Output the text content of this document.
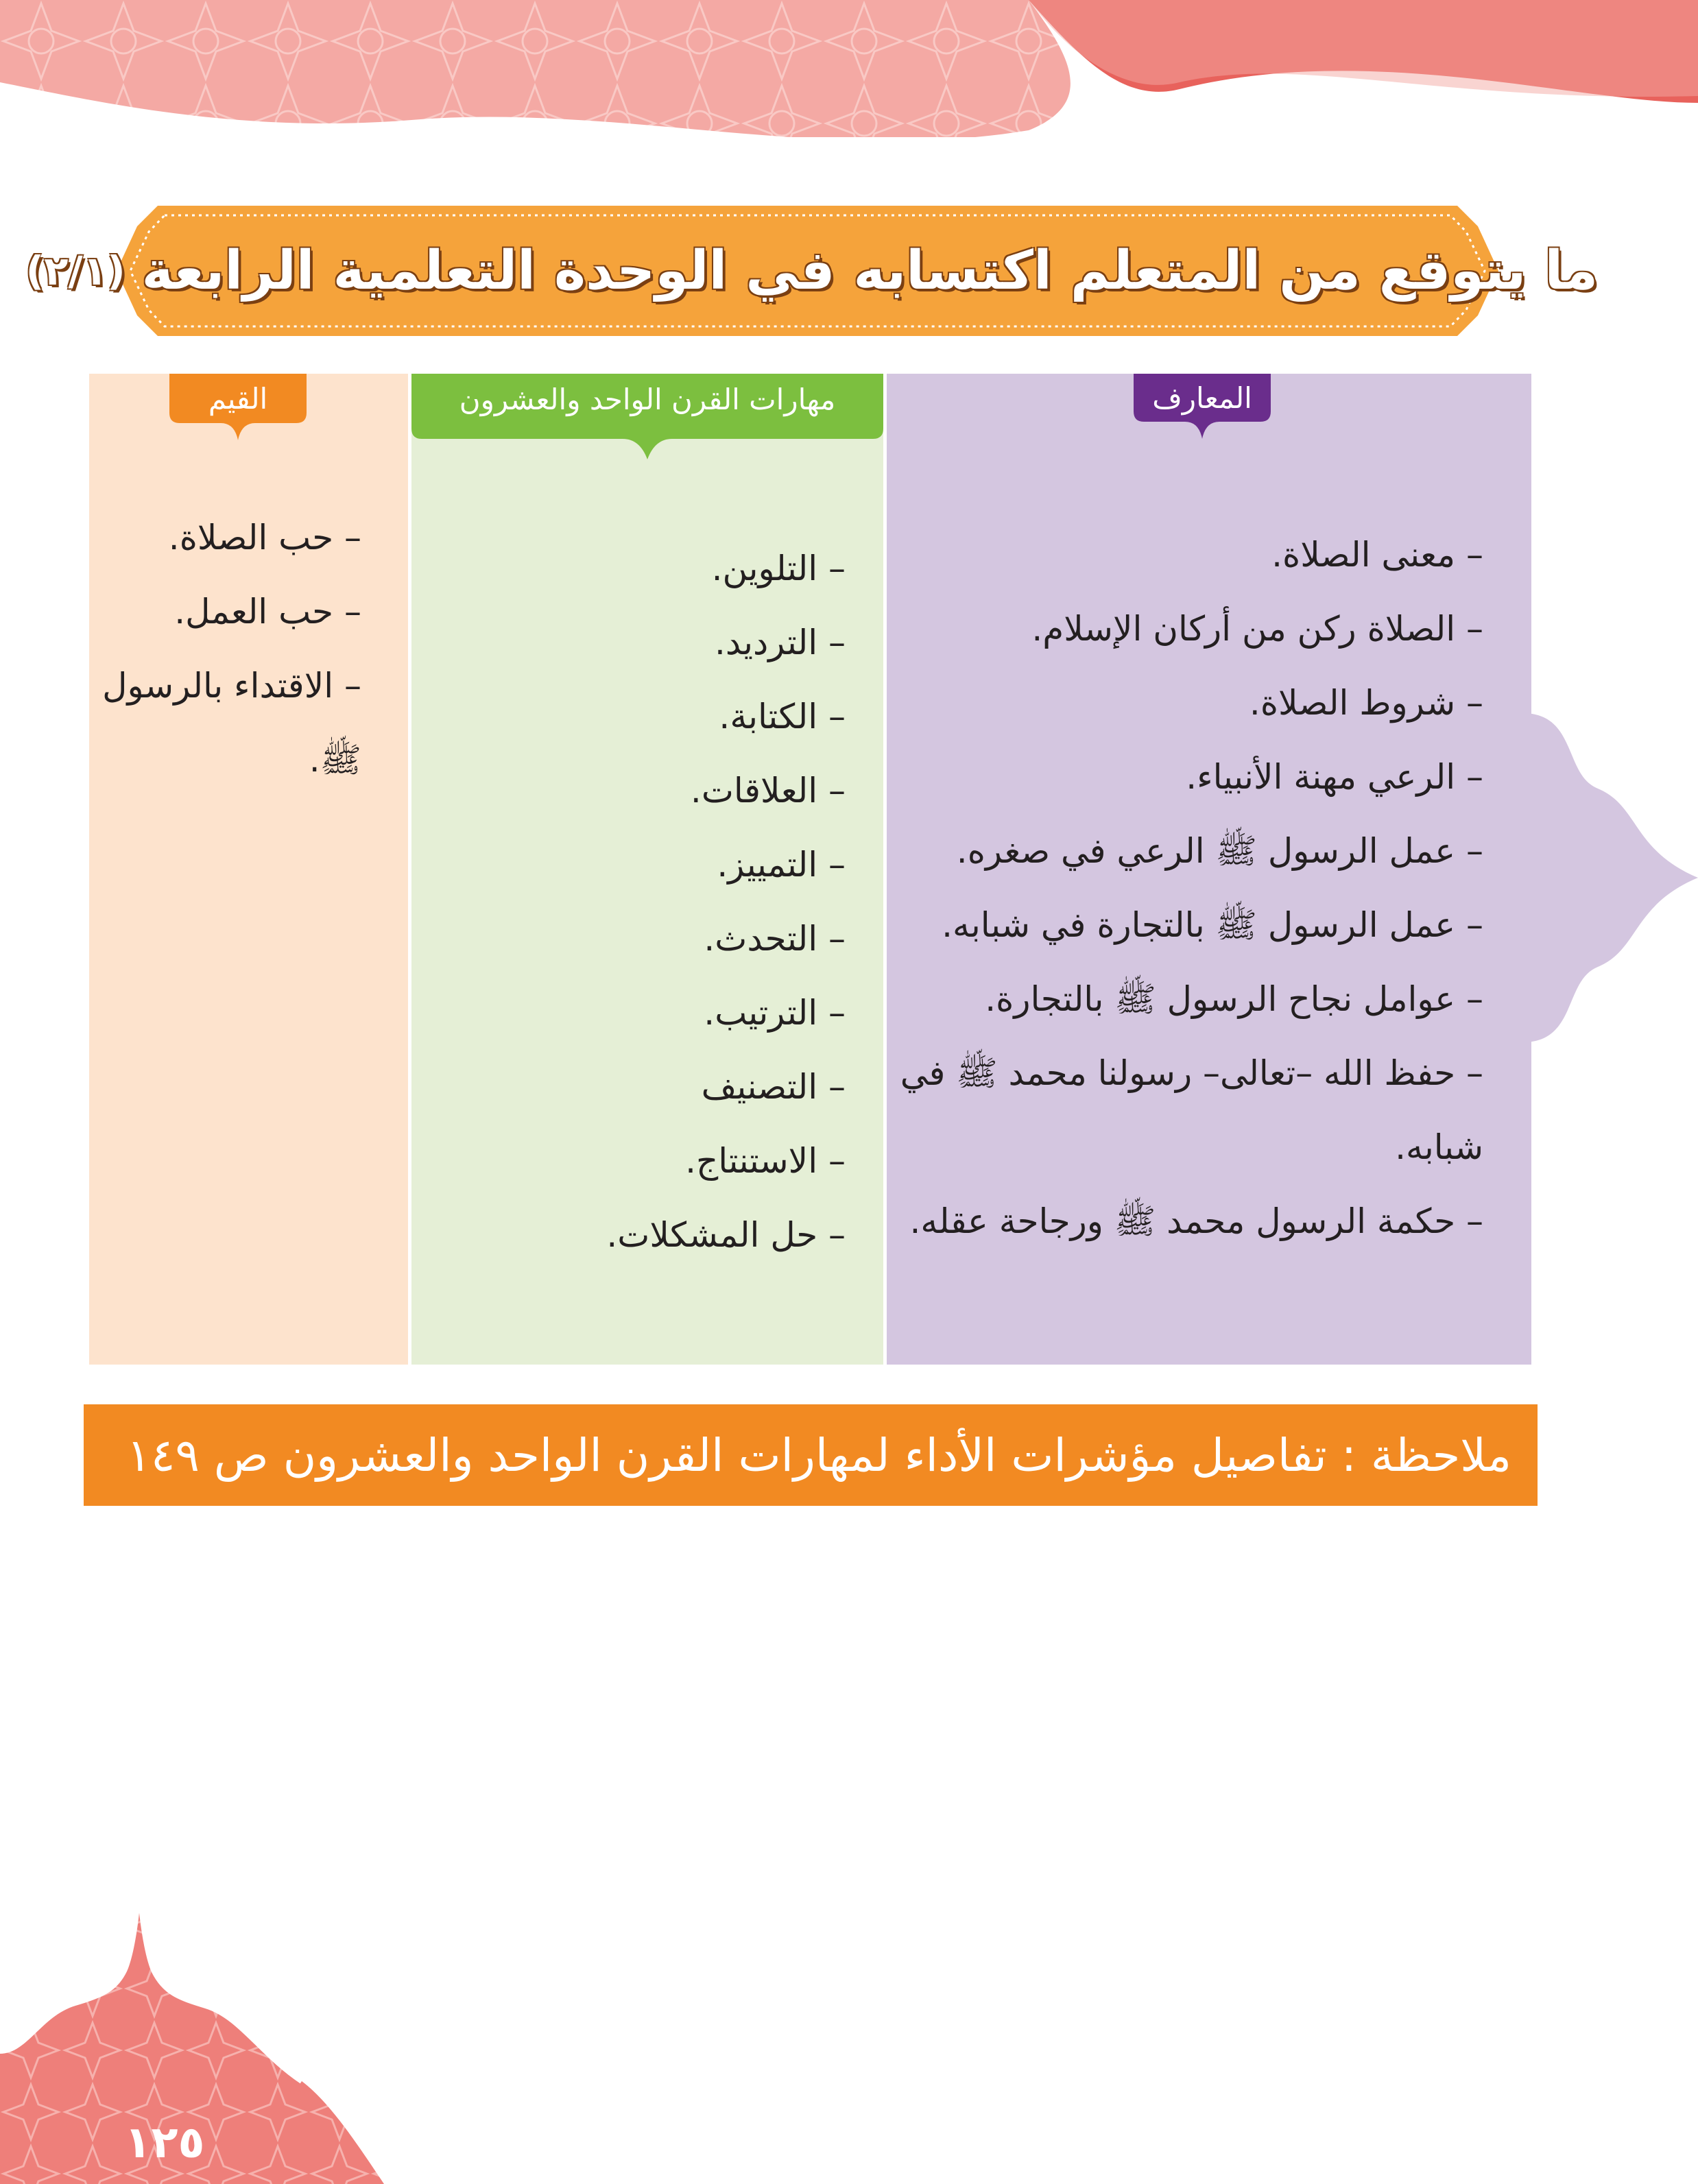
ما يتوقع من المتعلم اكتسابه في الوحدة التعلمية الرابعة
(٢/١)
المعارف
– معنى الصلاة.
– الصلاة ركن من أركان الإسلام.
– شروط الصلاة.
– الرعي مهنة الأنبياء.
– عمل الرسول ﷺ الرعي في صغره.
– عمل الرسول ﷺ بالتجارة في شبابه.
– عوامل نجاح الرسول ﷺ بالتجارة.
– حفظ الله –تعالى– رسولنا محمد ﷺ في شبابه.
– حكمة الرسول محمد ﷺ ورجاحة عقله.
مهارات القرن الواحد والعشرون
– التلوين.
– الترديد.
– الكتابة.
– العلاقات.
– التمييز.
– التحدث.
– الترتيب.
– التصنيف
– الاستنتاج.
– حل المشكلات.
القيم
– حب الصلاة.
– حب العمل.
– الاقتداء بالرسول ﷺ.
ملاحظة : تفاصيل مؤشرات الأداء لمهارات القرن الواحد والعشرون ص ١٤٩
١٢٥
